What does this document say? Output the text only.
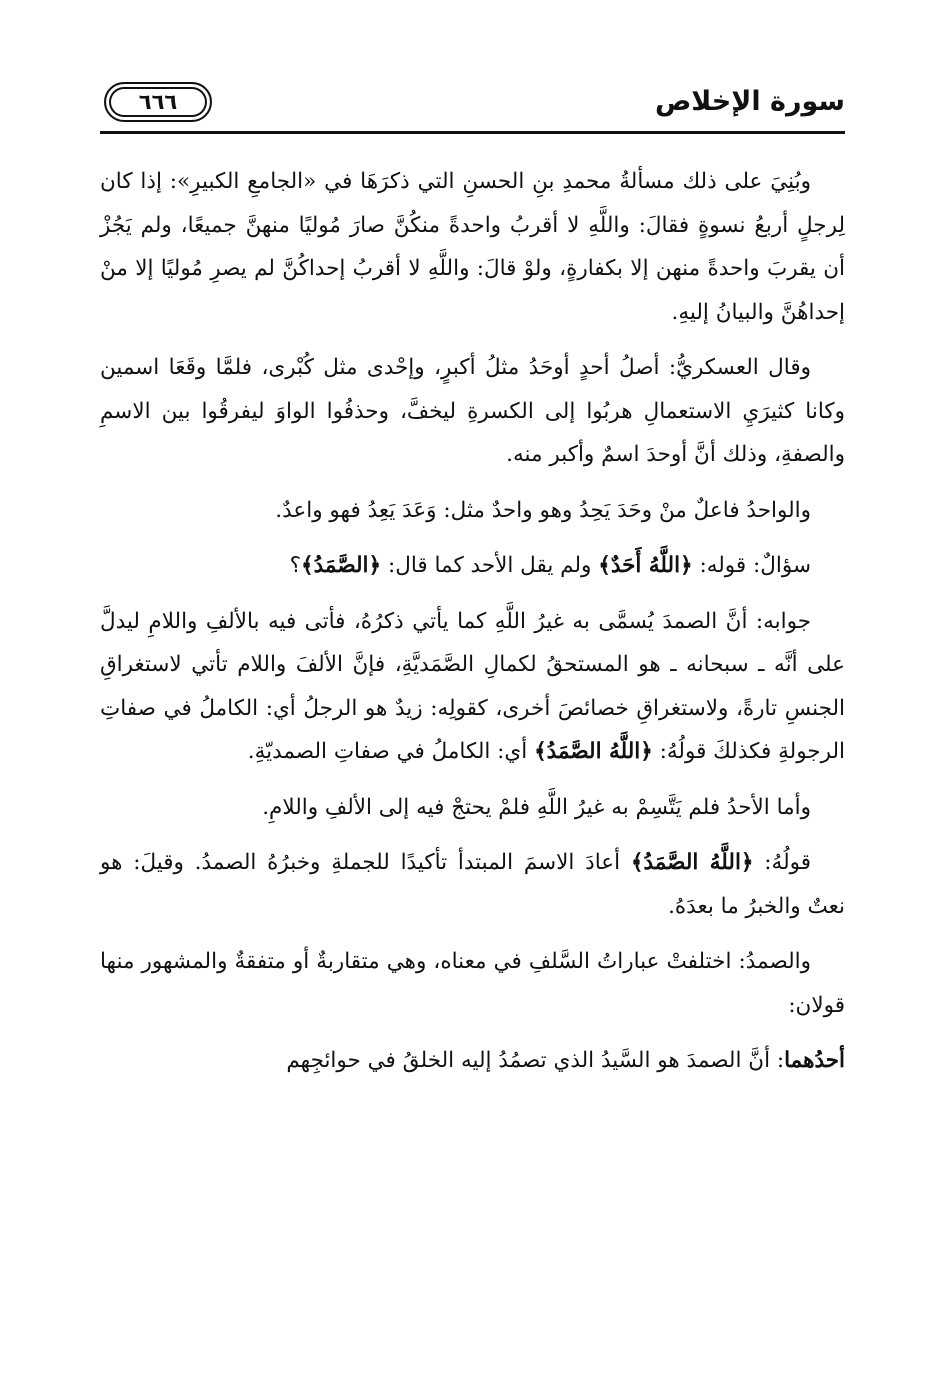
سورة الإخلاص
٦٦٦

وبُنِيَ على ذلك مسألةُ محمدِ بنِ الحسنِ التي ذكرَهَا في «الجامعِ الكبيرِ»: إذا كان لِرجلٍ أربعُ نسوةٍ فقالَ: واللَّهِ لا أقربُ واحدةً منكُنَّ صارَ مُوليًا منهنَّ جميعًا، ولم يَجُزْ أن يقربَ واحدةً منهن إلا بكفارةٍ، ولوْ قالَ: واللَّهِ لا أقربُ إحداكُنَّ لم يصرِ مُوليًا إلا منْ إحداهُنَّ والبيانُ إليهِ.

وقال العسكريُّ: أصلُ أحدٍ أوحَدُ مثلُ أكبرٍ، وإحْدى مثل كُبْرى، فلمَّا وقَعَا اسمين وكانا كثيرَيِ الاستعمالِ هربُوا إلى الكسرةِ ليخفَّ، وحذفُوا الواوَ ليفرقُوا بين الاسمِ والصفةِ، وذلك أنَّ أوحدَ اسمٌ وأكبر منه.

والواحدُ فاعلٌ منْ وحَدَ يَحِدُ وهو واحدٌ مثل: وَعَدَ يَعِدُ فهو واعدٌ.

سؤالٌ: قوله: ﴿اللَّهُ أَحَدٌ﴾ ولم يقل الأحد كما قال: ﴿الصَّمَدُ﴾؟

جوابه: أنَّ الصمدَ يُسمَّى به غيرُ اللَّهِ كما يأتي ذكرُهُ، فأتى فيه بالألفِ واللامِ ليدلَّ على أنَّه ـ سبحانه ـ هو المستحقُ لكمالِ الصَّمَديَّةِ، فإنَّ الألفَ واللام تأتي لاستغراقِ الجنسِ تارةً، ولاستغراقِ خصائصَ أخرى، كقولِه: زيدٌ هو الرجلُ أي: الكاملُ في صفاتِ الرجولةِ فكذلكَ قولُهُ: ﴿اللَّهُ الصَّمَدُ﴾ أي: الكاملُ في صفاتِ الصمديّةِ.

وأما الأحدُ فلم يَتَّسِمْ به غيرُ اللَّهِ فلمْ يحتجْ فيه إلى الألفِ واللامِ.

قولُهُ: ﴿اللَّهُ الصَّمَدُ﴾ أعادَ الاسمَ المبتدأ تأكيدًا للجملةِ وخبرُهُ الصمدُ. وقيلَ: هو نعتٌ والخبرُ ما بعدَهُ.

والصمدُ: اختلفتْ عباراتُ السَّلفِ في معناه، وهي متقاربةٌ أو متفقةٌ والمشهور منها قولان:

أحدُهما: أنَّ الصمدَ هو السَّيدُ الذي تصمُدُ إليه الخلقُ في حوائجِهم
